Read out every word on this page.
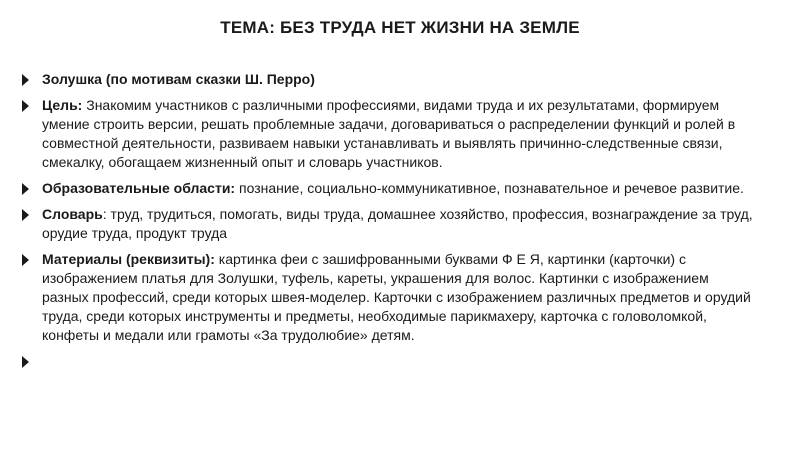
ТЕМА: БЕЗ ТРУДА НЕТ ЖИЗНИ НА ЗЕМЛЕ
Золушка (по мотивам сказки Ш. Перро)
Цель: Знакомим участников с различными профессиями, видами труда и их результатами, формируем умение строить версии, решать проблемные задачи, договариваться о распределении функций и ролей в совместной деятельности, развиваем навыки устанавливать и выявлять причинно-следственные связи, смекалку, обогащаем жизненный опыт и словарь участников.
Образовательные области: познание, социально-коммуникативное, познавательное и речевое развитие.
Словарь: труд, трудиться, помогать, виды труда, домашнее хозяйство, профессия, вознаграждение за труд, орудие труда, продукт труда
Материалы (реквизиты): картинка феи с зашифрованными буквами Ф Е Я, картинки (карточки) с изображением платья для Золушки, туфель, кареты, украшения для волос. Картинки с изображением разных профессий, среди которых швея-моделер. Карточки с изображением различных предметов и орудий труда, среди которых инструменты и предметы, необходимые парикмахеру, карточка с головоломкой, конфеты и медали или грамоты «За трудолюбие» детям.
